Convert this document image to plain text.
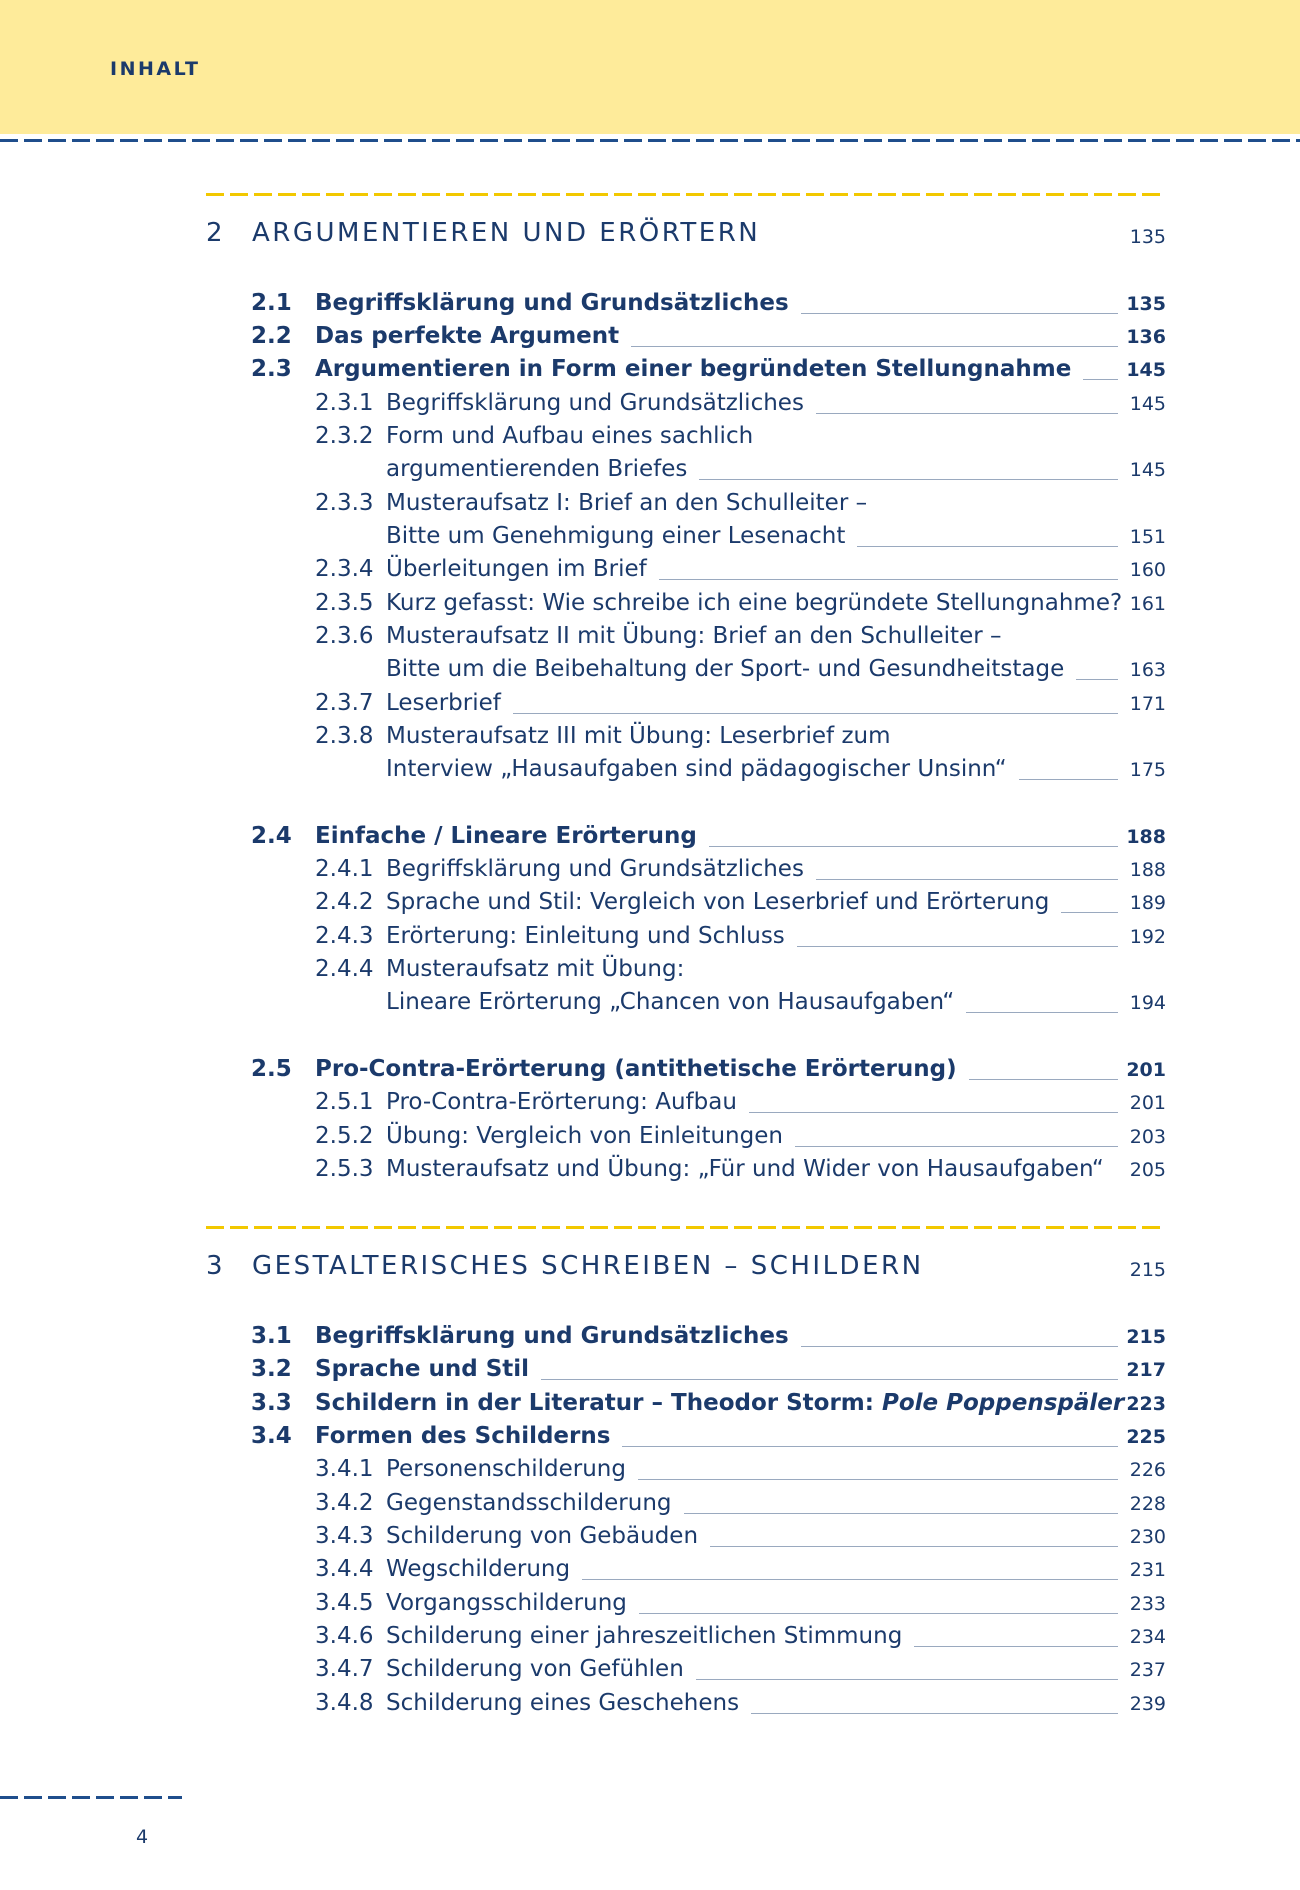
INHALT
2 ARGUMENTIEREN UND ERÖRTERN	135
2.1 Begriffsklärung und Grundsätzliches	135
2.2 Das perfekte Argument	136
2.3 Argumentieren in Form einer begründeten Stellungnahme	145
2.3.1 Begriffsklärung und Grundsätzliches	145
2.3.2 Form und Aufbau eines sachlich
argumentierenden Briefes	145
2.3.3 Musteraufsatz I: Brief an den Schulleiter –
Bitte um Genehmigung einer Lesenacht	151
2.3.4 Überleitungen im Brief	160
2.3.5 Kurz gefasst: Wie schreibe ich eine begründete Stellungnahme? 161
2.3.6 Musteraufsatz II mit Übung: Brief an den Schulleiter –
Bitte um die Beibehaltung der Sport- und Gesundheitstage	163
2.3.7 Leserbrief	171
2.3.8 Musteraufsatz III mit Übung: Leserbrief zum
Interview „Hausaufgaben sind pädagogischer Unsinn“	175
2.4 Einfache / Lineare Erörterung	188
2.4.1 Begriffsklärung und Grundsätzliches	188
2.4.2 Sprache und Stil: Vergleich von Leserbrief und Erörterung	189
2.4.3 Erörterung: Einleitung und Schluss	192
2.4.4 Musteraufsatz mit Übung:
Lineare Erörterung „Chancen von Hausaufgaben“	194
2.5 Pro-Contra-Erörterung (antithetische Erörterung)	201
2.5.1 Pro-Contra-Erörterung: Aufbau	201
2.5.2 Übung: Vergleich von Einleitungen	203
2.5.3 Musteraufsatz und Übung: „Für und Wider von Hausaufgaben“ 205
3 GESTALTERISCHES SCHREIBEN – SCHILDERN	215
3.1 Begriffsklärung und Grundsätzliches	215
3.2 Sprache und Stil	217
3.3 Schildern in der Literatur – Theodor Storm: Pole Poppenspäler 223
3.4 Formen des Schilderns	225
3.4.1 Personenschilderung	226
3.4.2 Gegenstandsschilderung	228
3.4.3 Schilderung von Gebäuden	230
3.4.4 Wegschilderung	231
3.4.5 Vorgangsschilderung	233
3.4.6 Schilderung einer jahreszeitlichen Stimmung	234
3.4.7 Schilderung von Gefühlen	237
3.4.8 Schilderung eines Geschehens	239
4
